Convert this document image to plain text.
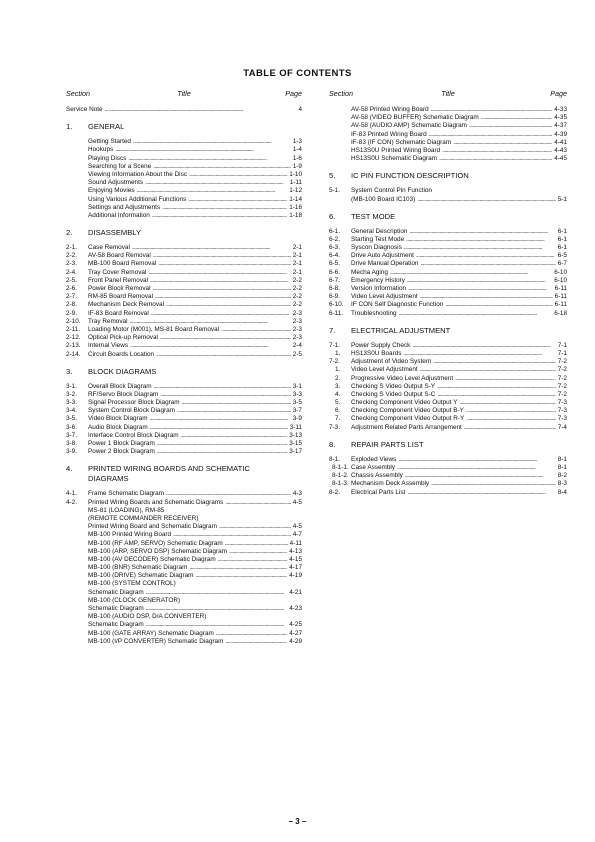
TABLE OF CONTENTS
Section	Title	Page
Service Note . . .	4
1.	GENERAL
Getting Started . . .	1-3
Hookups . . .	1-4
Playing Discs . . .	1-6
Searching for a Scene . . .	1-9
Viewing Information About the Disc . . .	1-10
Sound Adjustments . . .	1-11
Enjoying Movies . . .	1-12
Using Various Additional Functions . . .	1-14
Settings and Adjustments . . .	1-16
Additional Information . . .	1-18
2.	DISASSEMBLY
2-1.	Case Removal . . .	2-1
2-2.	AV-58 Board Removal . . .	2-1
2-3.	MB-100 Board Removal . . .	2-1
2-4.	Tray Cover Removal . . .	2-1
2-5.	Front Panel Removal . . .	2-2
2-6.	Power Block Removal . . .	2-2
2-7.	RM-85 Board Removal . . .	2-2
2-8.	Mechanism Deck Removal . . .	2-2
2-9.	IF-83 Board Removal . . .	2-3
2-10.	Tray Removal . . .	2-3
2-11.	Loading Motor (M001), MS-81 Board Removal . . .	2-3
2-12.	Optical Pick-up Removal . . .	2-3
2-13.	Internal Views . . .	2-4
2-14.	Circuit Boards Location . . .	2-5
3.	BLOCK DIAGRAMS
3-1.	Overall Block Diagram . . .	3-1
3-2.	RF/Servo Block Diagram . . .	3-3
3-3.	Signal Processor Block Diagram . . .	3-5
3-4.	System Control Block Diagram . . .	3-7
3-5.	Video Block Diagram . . .	3-9
3-6.	Audio Block Diagram . . .	3-11
3-7.	Interface Control Block Diagram . . .	3-13
3-8.	Power 1 Block Diagram . . .	3-15
3-9.	Power 2 Block Diagram . . .	3-17
4.	PRINTED WIRING BOARDS AND SCHEMATIC
DIAGRAMS
4-1.	Frame Schematic Diagram . . .	4-3
4-2.	Printed Wiring Boards and Schematic Diagrams . . .	4-5
MS-81 (LOADING), RM-85
(REMOTE COMMANDER RECEIVER)
Printed Wiring Board and Schematic Diagram . . .	4-5
MB-100 Printed Wiring Board . . .	4-7
MB-100 (RF AMP, SERVO) Schematic Diagram . . .	4-11
MB-100 (ARP, SERVO DSP) Schematic Diagram . . .	4-13
MB-100 (AV DECODER) Schematic Diagram . . .	4-15
MB-100 (BNR) Schematic Diagram . . .	4-17
MB-100 (DRIVE) Schematic Diagram . . .	4-19
MB-100 (SYSTEM CONTROL)
Schematic Diagram . . .	4-21
MB-100 (CLOCK GENERATOR)
Schematic Diagram . . .	4-23
MB-100 (AUDIO DSP, D/A CONVERTER)
Schematic Diagram . . .	4-25
MB-100 (GATE ARRAY) Schematic Diagram . . .	4-27
MB-100 (I/P CONVERTER) Schematic Diagram . . .	4-29
Section	Title	Page
AV-58 Printed Wiring Board . . .	4-33
AV-58 (VIDEO BUFFER) Schematic Diagram . . .	4-35
AV-58 (AUDIO AMP) Schematic Diagram . . .	4-37
IF-83 Printed Wiring Board . . .	4-39
IF-83 (IF CON) Schematic Diagram . . .	4-41
HS13S0U Printed Wiring Board . . .	4-43
HS13S0U Schematic Diagram . . .	4-45
5.	IC PIN FUNCTION DESCRIPTION
5-1.	System Control Pin Function
(MB-100 Board IC103) . . .	5-1
6.	TEST MODE
6-1.	General Description . . .	6-1
6-2.	Starting Test Mode . . .	6-1
6-3.	Syscon Diagnosis . . .	6-1
6-4.	Drive Auto Adjustment . . .	6-5
6-5.	Drive Manual Operation . . .	6-7
6-6.	Mecha Aging . . .	6-10
6-7.	Emergency History . . .	6-10
6-8.	Version Information . . .	6-11
6-9.	Video Level Adjustment . . .	6-11
6-10.	IF CON Self Diagnostic Function . . .	6-11
6-11.	Troubleshooting . . .	6-18
7.	ELECTRICAL ADJUSTMENT
7-1.	Power Supply Check . . .	7-1
1.	HS13S0U Boards . . .	7-1
7-2.	Adjustment of Video System . . .	7-2
1.	Video Level Adjustment . . .	7-2
2.	Progressive Video Level Adjustment . . .	7-2
3.	Checking S Video Output S-Y . . .	7-2
4.	Checking S Video Output S-C . . .	7-2
5.	Checking Component Video Output Y . . .	7-3
6.	Checking Component Video Output B-Y . . .	7-3
7.	Checking Component Video Output R-Y . . .	7-3
7-3.	Adjustment Related Parts Arrangement . . .	7-4
8.	REPAIR PARTS LIST
8-1.	Exploded Views . . .	8-1
8-1-1. Case Assembly . . .	8-1
8-1-2. Chassis Assembly . . .	8-2
8-1-3. Mechanism Deck Assembly . . .	8-3
8-2.	Electrical Parts List . . .	8-4
– 3 –
